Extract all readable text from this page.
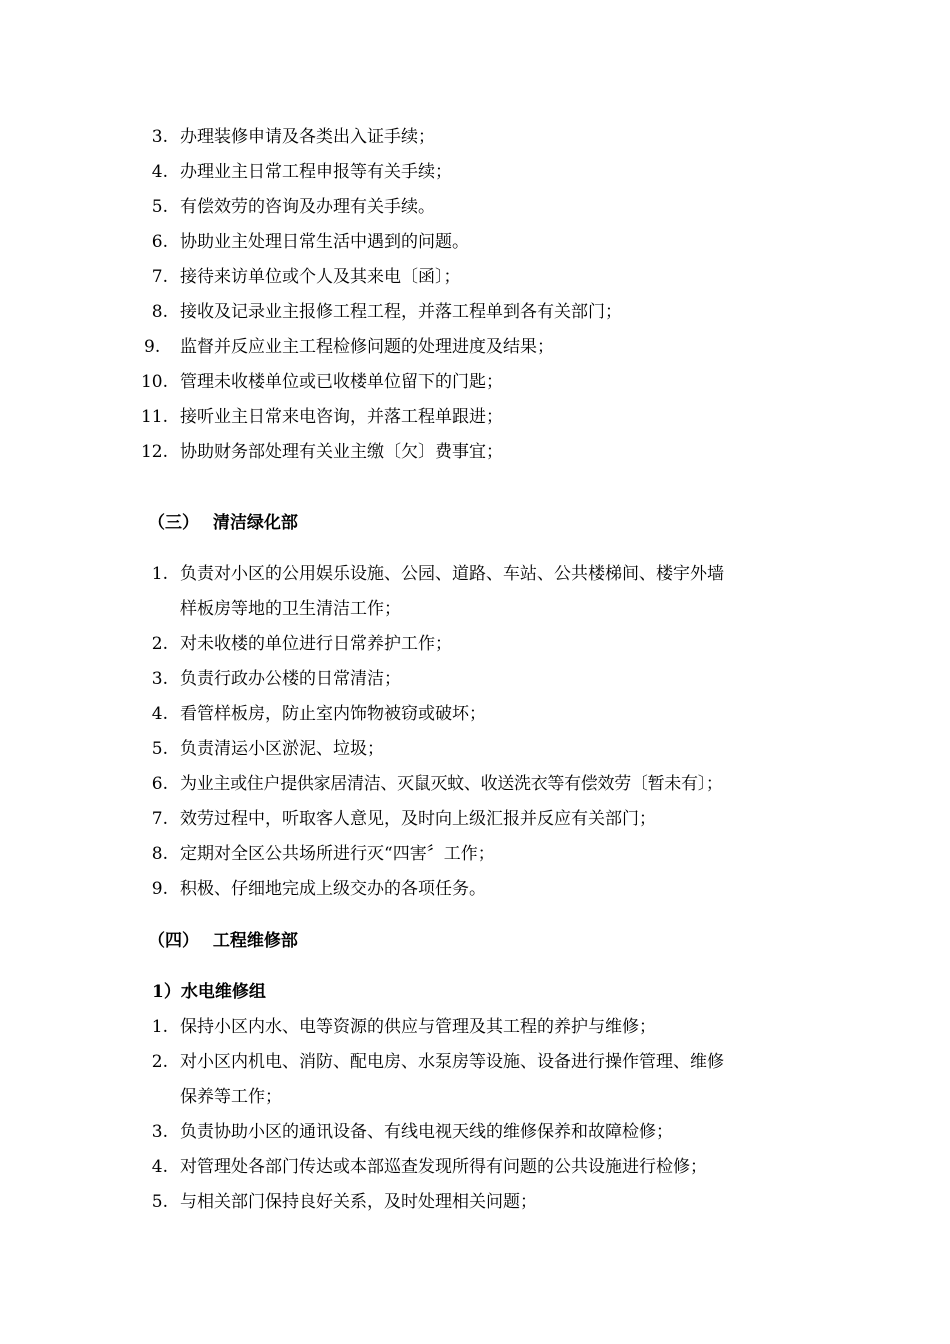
3. 办理装修申请及各类出入证手续；
4. 办理业主日常工程申报等有关手续；
5. 有偿效劳的咨询及办理有关手续。
6. 协助业主处理日常生活中遇到的问题。
7. 接待来访单位或个人及其来电〔函〕；
8. 接收及记录业主报修工程工程，并落工程单到各有关部门；
9.	监督并反应业主工程检修问题的处理进度及结果；
10. 管理未收楼单位或已收楼单位留下的门匙；
11. 接听业主日常来电咨询，并落工程单跟进；
12. 协助财务部处理有关业主缴〔欠〕费事宜；
（三） 清洁绿化部
1. 负责对小区的公用娱乐设施、公园、道路、车站、公共楼梯间、楼宇外墙
样板房等地的卫生清洁工作；
2. 对未收楼的单位进行日常养护工作；
3. 负责行政办公楼的日常清洁；
4. 看管样板房，防止室内饰物被窃或破坏；
5. 负责清运小区淤泥、垃圾；
6. 为业主或住户提供家居清洁、灭鼠灭蚊、收送洗衣等有偿效劳〔暂未有〕；
7. 效劳过程中，听取客人意见，及时向上级汇报并反应有关部门；
8. 定期对全区公共场所进行灭“四害〞工作；
9. 积极、仔细地完成上级交办的各项任务。
（四） 工程维修部
1）水电维修组
1. 保持小区内水、电等资源的供应与管理及其工程的养护与维修；
2. 对小区内机电、消防、配电房、水泵房等设施、设备进行操作管理、维修
保养等工作；
3. 负责协助小区的通讯设备、有线电视天线的维修保养和故障检修；
4. 对管理处各部门传达或本部巡查发现所得有问题的公共设施进行检修；
5. 与相关部门保持良好关系，及时处理相关问题；
